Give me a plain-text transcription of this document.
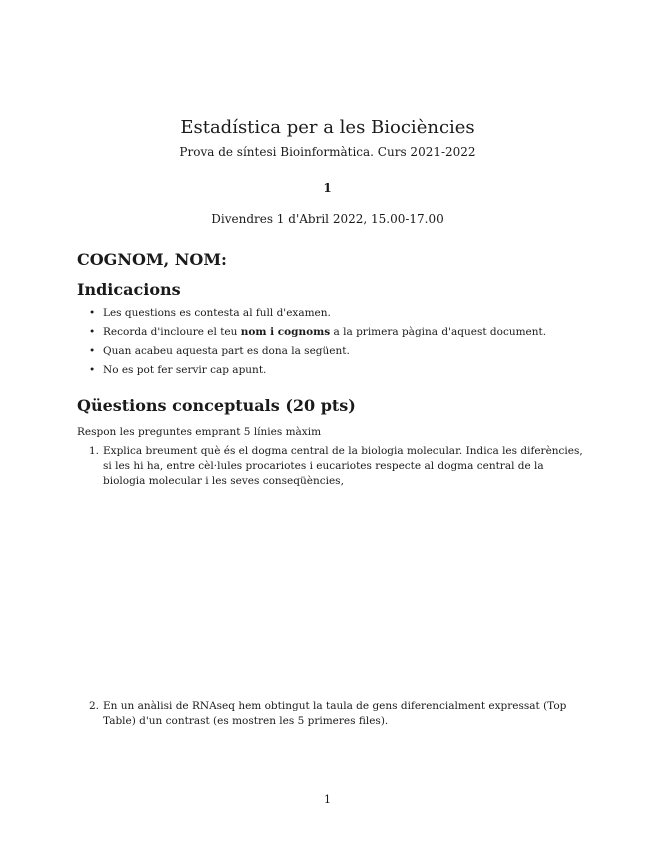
Estadística per a les Biociències
Prova de síntesi Bioinformàtica. Curs 2021-2022
1
Divendres 1 d'Abril 2022, 15.00-17.00
COGNOM, NOM:
Indicacions
• Les questions es contesta al full d'examen.
• Recorda d'incloure el teu nom i cognoms a la primera pàgina d'aquest document.
• Quan acabeu aquesta part es dona la següent.
• No es pot fer servir cap apunt.
Qüestions conceptuals (20 pts)
Respon les preguntes emprant 5 línies màxim
1. Explica breument què és el dogma central de la biologia molecular. Indica les diferències, si les hi ha, entre cèl·lules procariotes i eucariotes respecte al dogma central de la biologia molecular i les seves conseqüències,
2. En un anàlisi de RNAseq hem obtingut la taula de gens diferencialment expressat (Top Table) d'un contrast (es mostren les 5 primeres files).
1
